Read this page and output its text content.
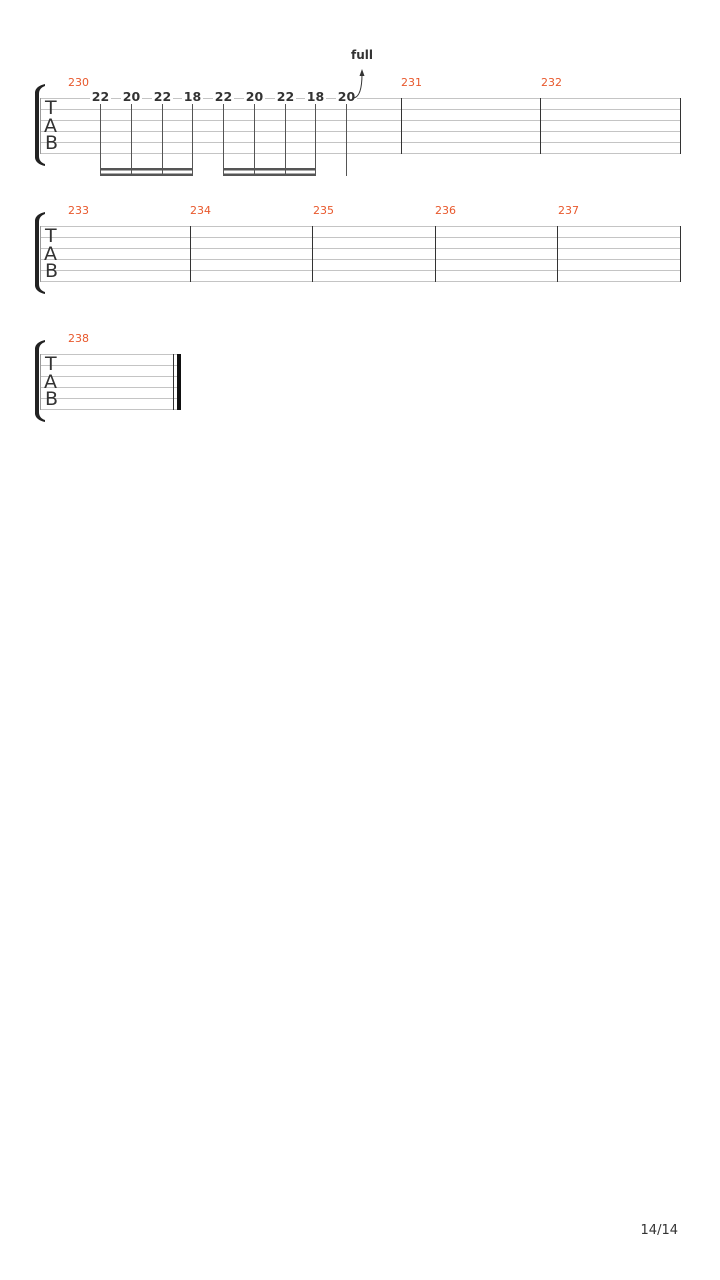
T
A
B
230	231	232
22 20 22 18 22 20 22 18 20
full
T
A
B
233	234	235	236	237
T
A
B
238
14/14
